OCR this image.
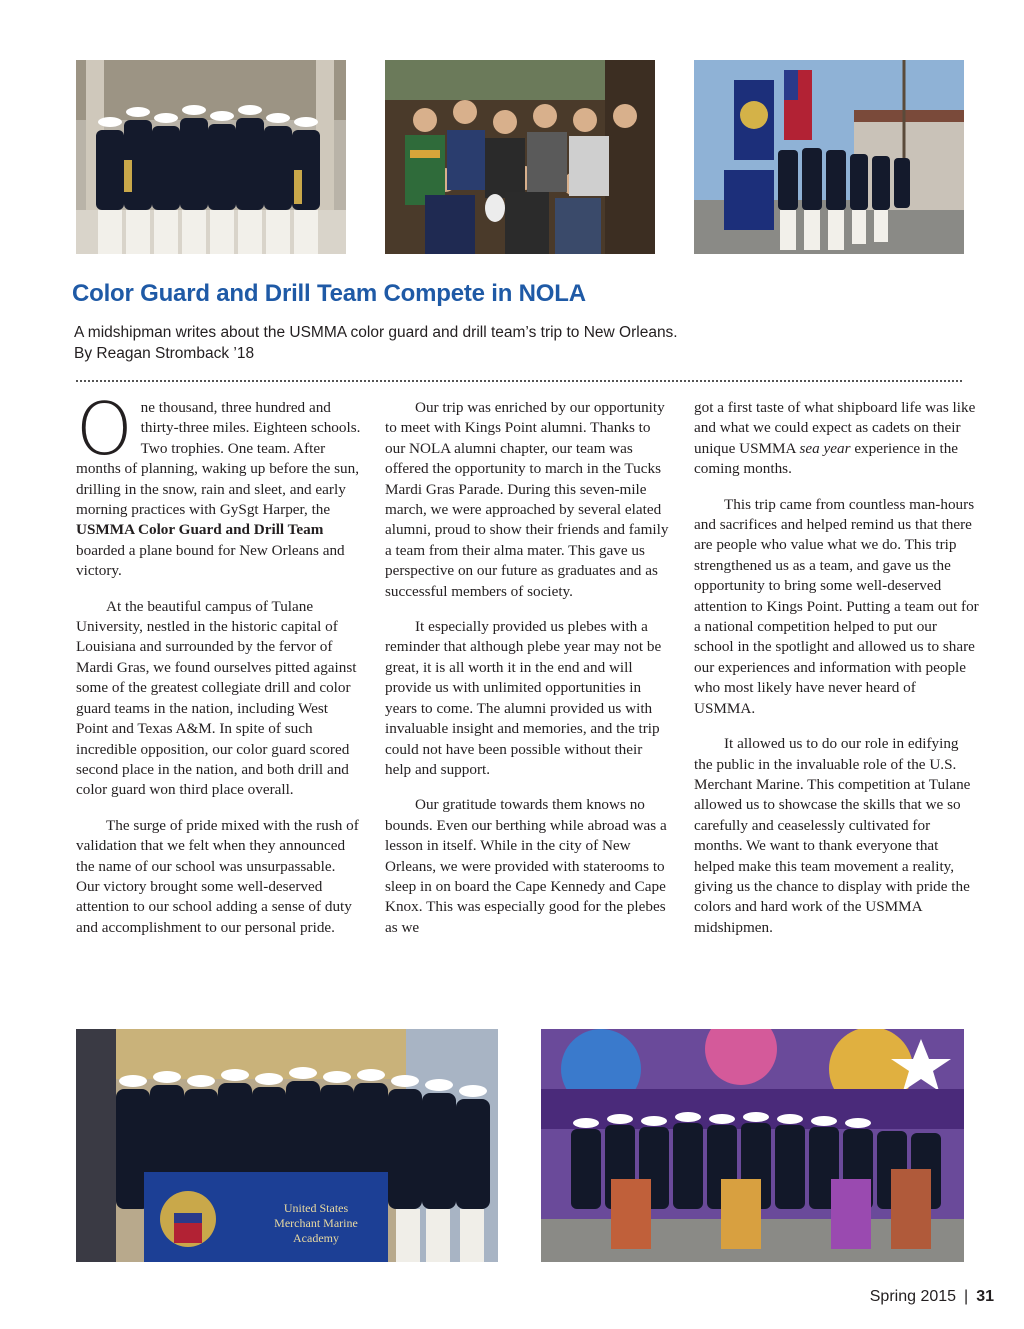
Color Guard and Drill Team Compete in NOLA

A midshipman writes about the USMMA color guard and drill team’s trip to New Orleans.
By Reagan Stromback ’18

One thousand, three hundred and thirty-three miles. Eighteen schools. Two trophies. One team. After months of planning, waking up before the sun, drilling in the snow, rain and sleet, and early morning practices with GySgt Harper, the USMMA Color Guard and Drill Team boarded a plane bound for New Orleans and victory.

At the beautiful campus of Tulane University, nestled in the historic capital of Louisiana and surrounded by the fervor of Mardi Gras, we found ourselves pitted against some of the greatest collegiate drill and color guard teams in the nation, including West Point and Texas A&M. In spite of such incredible opposition, our color guard scored second place in the nation, and both drill and color guard won third place overall.

The surge of pride mixed with the rush of validation that we felt when they announced the name of our school was unsurpassable. Our victory brought some well-deserved attention to our school adding a sense of duty and accomplishment to our personal pride.

Our trip was enriched by our opportunity to meet with Kings Point alumni. Thanks to our NOLA alumni chapter, our team was offered the opportunity to march in the Tucks Mardi Gras Parade. During this seven-mile march, we were approached by several elated alumni, proud to show their friends and family a team from their alma mater. This gave us perspective on our future as graduates and as successful members of society.

It especially provided us plebes with a reminder that although plebe year may not be great, it is all worth it in the end and will provide us with unlimited opportunities in years to come. The alumni provided us with invaluable insight and memories, and the trip could not have been possible without their help and support.

Our gratitude towards them knows no bounds. Even our berthing while abroad was a lesson in itself. While in the city of New Orleans, we were provided with staterooms to sleep in on board the Cape Kennedy and Cape Knox. This was especially good for the plebes as we

got a first taste of what shipboard life was like and what we could expect as cadets on their unique USMMA sea year experience in the coming months.

This trip came from countless man-hours and sacrifices and helped remind us that there are people who value what we do. This trip strengthened us as a team, and gave us the opportunity to bring some well-deserved attention to Kings Point. Putting a team out for a national competition helped to put our school in the spotlight and allowed us to share our experiences and information with people who most likely have never heard of USMMA.

It allowed us to do our role in edifying the public in the invaluable role of the U.S. Merchant Marine. This competition at Tulane allowed us to showcase the skills that we so carefully and ceaselessly cultivated for months. We want to thank everyone that helped make this team movement a reality, giving us the chance to display with pride the colors and hard work of the USMMA midshipmen.

United States
Merchant Marine
Academy
Spring 2015 | 31
